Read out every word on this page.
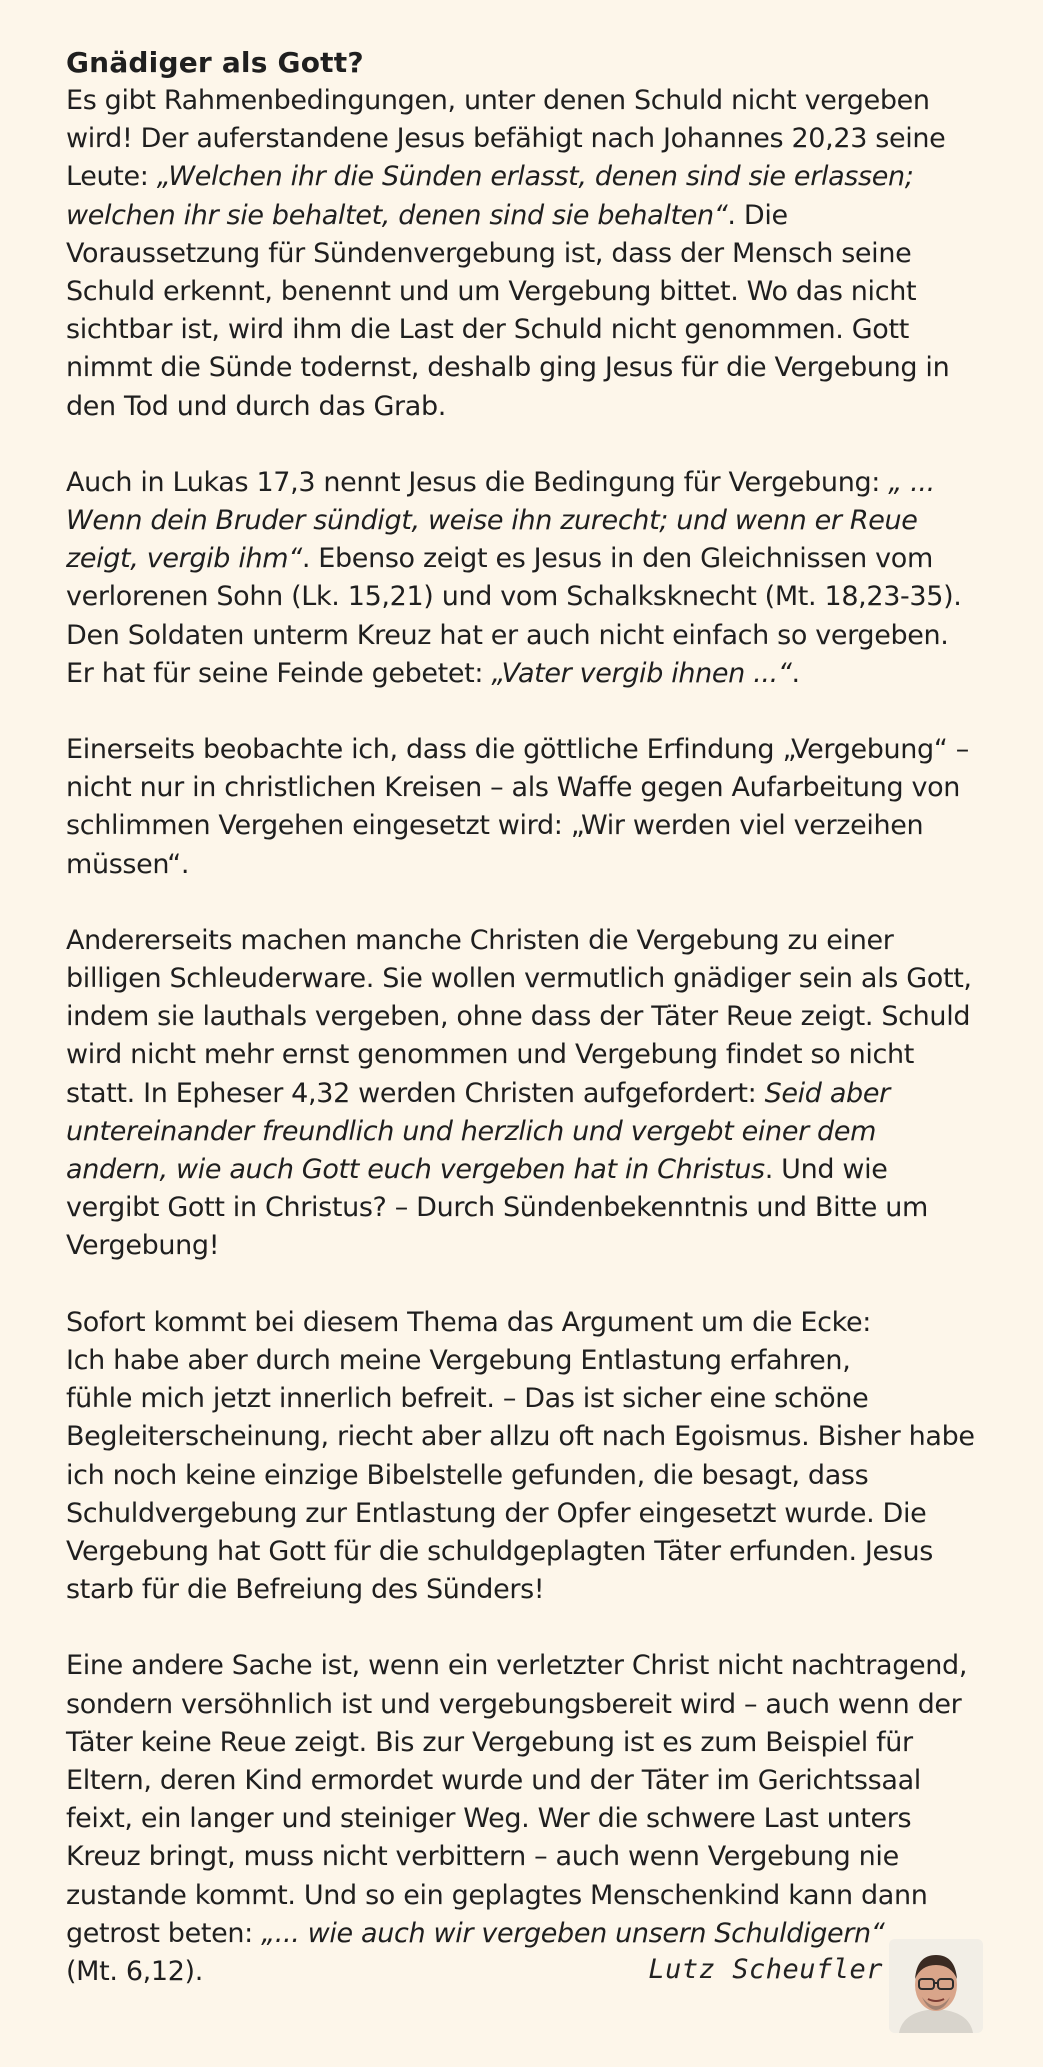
Gnädiger als Gott?

Es gibt Rahmenbedingungen, unter denen Schuld nicht vergeben wird! Der auferstandene Jesus befähigt nach Johannes 20,23 seine Leute: „Welchen ihr die Sünden erlasst, denen sind sie erlassen; welchen ihr sie behaltet, denen sind sie behalten“. Die Voraussetzung für Sündenvergebung ist, dass der Mensch seine Schuld erkennt, benennt und um Vergebung bittet. Wo das nicht sichtbar ist, wird ihm die Last der Schuld nicht genommen. Gott nimmt die Sünde todernst, deshalb ging Jesus für die Vergebung in den Tod und durch das Grab.

Auch in Lukas 17,3 nennt Jesus die Bedingung für Vergebung: „ ... Wenn dein Bruder sündigt, weise ihn zurecht; und wenn er Reue zeigt, vergib ihm“. Ebenso zeigt es Jesus in den Gleichnissen vom verlorenen Sohn (Lk. 15,21) und vom Schalksknecht (Mt. 18,23-35). Den Soldaten unterm Kreuz hat er auch nicht einfach so vergeben. Er hat für seine Feinde gebetet: „Vater vergib ihnen ...“.

Einerseits beobachte ich, dass die göttliche Erfindung „Vergebung“ – nicht nur in christlichen Kreisen – als Waffe gegen Aufarbeitung von schlimmen Vergehen eingesetzt wird: „Wir werden viel verzeihen müssen“.

Andererseits machen manche Christen die Vergebung zu einer billigen Schleuderware. Sie wollen vermutlich gnädiger sein als Gott, indem sie lauthals vergeben, ohne dass der Täter Reue zeigt. Schuld wird nicht mehr ernst genommen und Vergebung findet so nicht statt. In Epheser 4,32 werden Christen aufgefordert: Seid aber untereinander freundlich und herzlich und vergebt einer dem andern, wie auch Gott euch vergeben hat in Christus. Und wie vergibt Gott in Christus? – Durch Sündenbekenntnis und Bitte um Vergebung!

Sofort kommt bei diesem Thema das Argument um die Ecke:
Ich habe aber durch meine Vergebung Entlastung erfahren,
fühle mich jetzt innerlich befreit. – Das ist sicher eine schöne Begleiterscheinung, riecht aber allzu oft nach Egoismus. Bisher habe ich noch keine einzige Bibelstelle gefunden, die besagt, dass Schuldvergebung zur Entlastung der Opfer eingesetzt wurde. Die Vergebung hat Gott für die schuldgeplagten Täter erfunden. Jesus starb für die Befreiung des Sünders!

Eine andere Sache ist, wenn ein verletzter Christ nicht nachtragend, sondern versöhnlich ist und vergebungsbereit wird – auch wenn der Täter keine Reue zeigt. Bis zur Vergebung ist es zum Beispiel für Eltern, deren Kind ermordet wurde und der Täter im Gerichtssaal feixt, ein langer und steiniger Weg. Wer die schwere Last unters Kreuz bringt, muss nicht verbittern – auch wenn Vergebung nie zustande kommt. Und so ein geplagtes Menschenkind kann dann getrost beten: „... wie auch wir vergeben unsern Schuldigern“
(Mt. 6,12).	Lutz Scheufler
